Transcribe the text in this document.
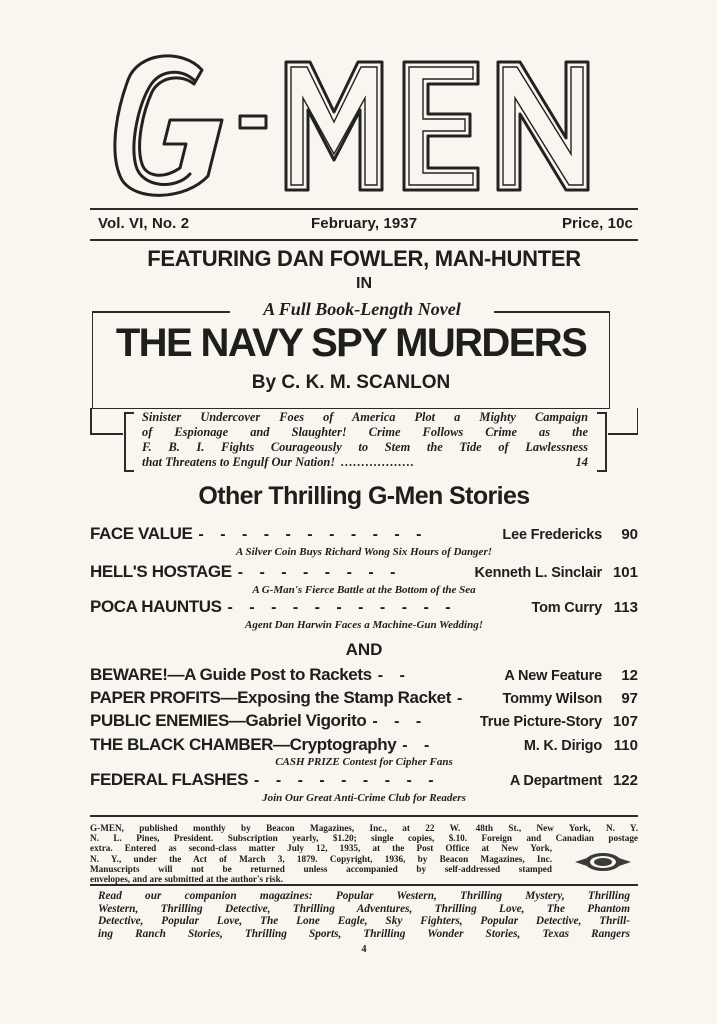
Vol. VI, No. 2	February, 1937	Price, 10c
FEATURING DAN FOWLER, MAN-HUNTER
IN
A Full Book-Length Novel
THE NAVY SPY MURDERS
By C. K. M. SCANLON
Sinister Undercover Foes of America Plot a Mighty Campaign
of Espionage and Slaughter! Crime Follows Crime as the
F. B. I. Fights Courageously to Stem the Tide of Lawlessness
that Threatens to Engulf Our Nation! ..................	14
Other Thrilling G-Men Stories
FACE VALUE - - - - - - - - - - -	Lee Fredericks	90
A Silver Coin Buys Richard Wong Six Hours of Danger!
HELL'S HOSTAGE - - - - - - - -	Kenneth L. Sinclair 101
A G-Man's Fierce Battle at the Bottom of the Sea
POCA HAUNTUS - - - - - - - - - - -	Tom Curry 113
Agent Dan Harwin Faces a Machine-Gun Wedding!
AND
BEWARE!—A Guide Post to Rackets - -	A New Feature	12
PAPER PROFITS—Exposing the Stamp Racket -	Tommy Wilson	97
PUBLIC ENEMIES—Gabriel Vigorito - - -	True Picture-Story 107
THE BLACK CHAMBER—Cryptography - -	M. K. Dirigo 110
CASH PRIZE Contest for Cipher Fans
FEDERAL FLASHES - - - - - - - - -	A Department 122
Join Our Great Anti-Crime Club for Readers
G-MEN, published monthly by Beacon Magazines, Inc., at 22 W. 48th St., New York, N. Y.
N. L. Pines, President. Subscription yearly, $1.20; single copies, $.10. Foreign and Canadian postage
extra. Entered as second-class matter July 12, 1935, at the Post Office at New York,
N. Y., under the Act of March 3, 1879. Copyright, 1936, by Beacon Magazines, Inc.
Manuscripts will not be returned unless accompanied by self-addressed stamped
envelopes, and are submitted at the author's risk.
Read our companion magazines: Popular Western, Thrilling Mystery, Thrilling
Western, Thrilling Detective, Thrilling Adventures, Thrilling Love, The Phantom
Detective, Popular Love, The Lone Eagle, Sky Fighters, Popular Detective, Thrill-
ing Ranch Stories, Thrilling Sports, Thrilling Wonder Stories, Texas Rangers
4
